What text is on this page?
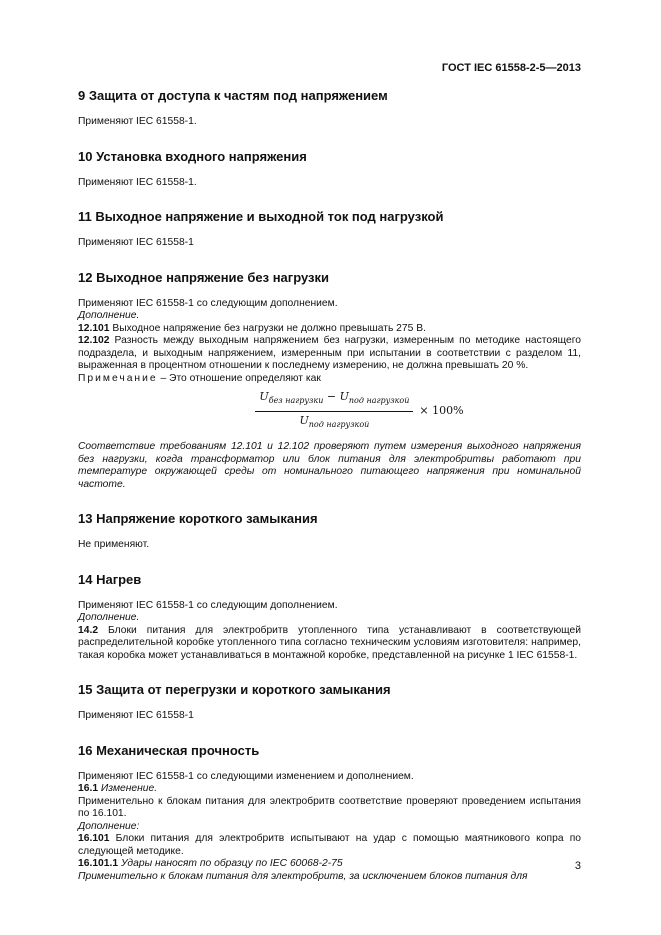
ГОСТ IEC 61558-2-5—2013
9 Защита от доступа к частям под напряжением

Применяют IEC 61558-1.

10 Установка входного напряжения

Применяют IEC 61558-1.

11 Выходное напряжение и выходной ток под нагрузкой

Применяют IEC 61558-1

12 Выходное напряжение без нагрузки

Применяют IEC 61558-1 со следующим дополнением.

Дополнение.

12.101 Выходное напряжение без нагрузки не должно превышать 275 В.

12.102 Разность между выходным напряжением без нагрузки, измеренным по методике настоящего подраздела, и выходным напряжением, измеренным при испытании в соответствии с разделом 11, выраженная в процентном отношении к последнему измерению, не должна превышать 20 %.

Примечание – Это отношение определяют как

$\frac{U_{без нагрузки} - U_{под нагрузкой}}{U_{под нагрузкой}} \times 100\%$

Соответствие требованиям 12.101 и 12.102 проверяют путем измерения выходного напряжения без нагрузки, когда трансформатор или блок питания для электробритвы работают при температуре окружающей среды от номинального питающего напряжения при номинальной частоте.

13 Напряжение короткого замыкания

Не применяют.

14 Нагрев

Применяют IEC 61558-1 со следующим дополнением.

Дополнение.

14.2 Блоки питания для электробритв утопленного типа устанавливают в соответствующей распределительной коробке утопленного типа согласно техническим условиям изготовителя: например, такая коробка может устанавливаться в монтажной коробке, представленной на рисунке 1 IEC 61558-1.

15 Защита от перегрузки и короткого замыкания

Применяют IEC 61558-1

16 Механическая прочность

Применяют IEC 61558-1 со следующими изменением и дополнением.

16.1 Изменение.

Применительно к блокам питания для электробритв соответствие проверяют проведением испытания по 16.101.

Дополнение:

16.101 Блоки питания для электробритв испытывают на удар с помощью маятникового копра по следующей методике.

16.101.1 Удары наносят по образцу по IEC 60068-2-75

Применительно к блокам питания для электробритв, за исключением блоков питания для

3
